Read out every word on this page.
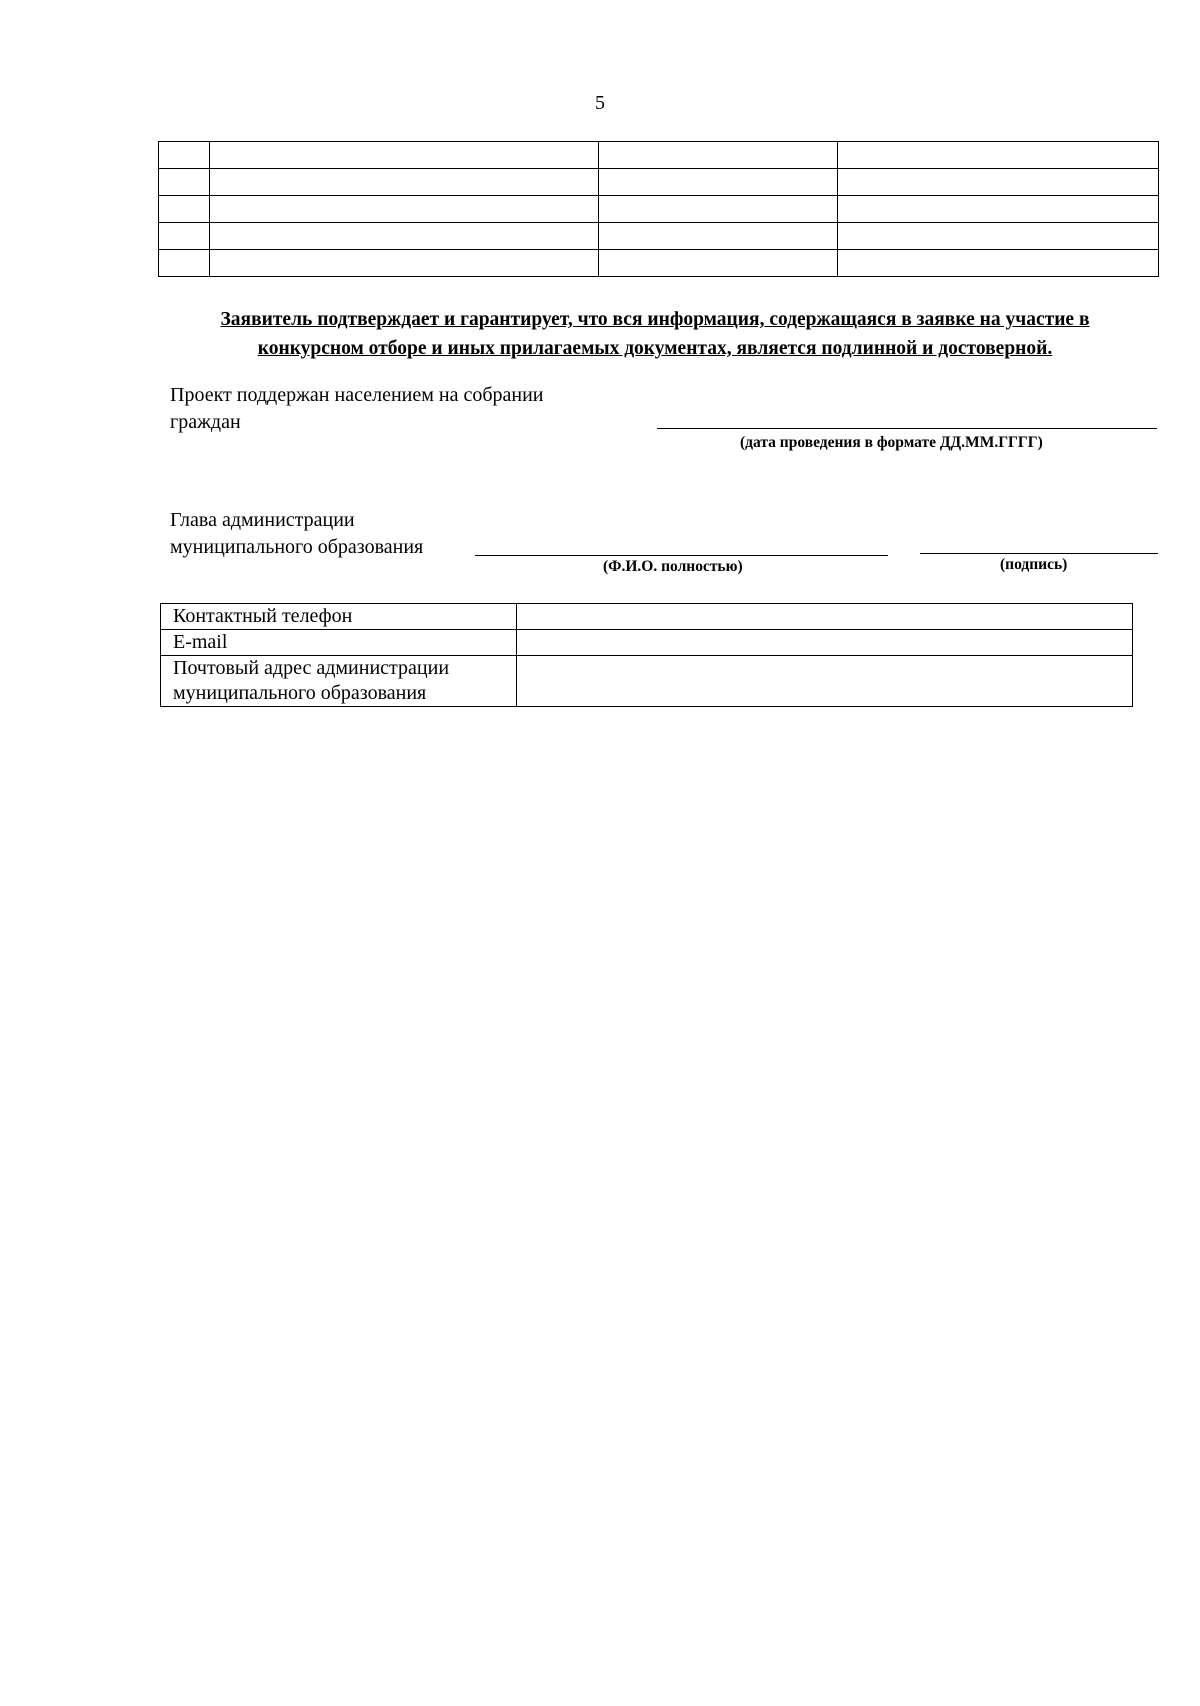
5

Заявитель подтверждает и гарантирует, что вся информация, содержащаяся в заявке на участие в конкурсном отборе и иных прилагаемых документах, является подлинной и достоверной.
Проект поддержан населением на собрании граждан
(дата проведения в формате ДД.ММ.ГГГГ)
Глава администрации муниципального образования
(Ф.И.О. полностью)	(подпись)
Контактный телефон	
E-mail	
Почтовый адрес администрации муниципального образования	
